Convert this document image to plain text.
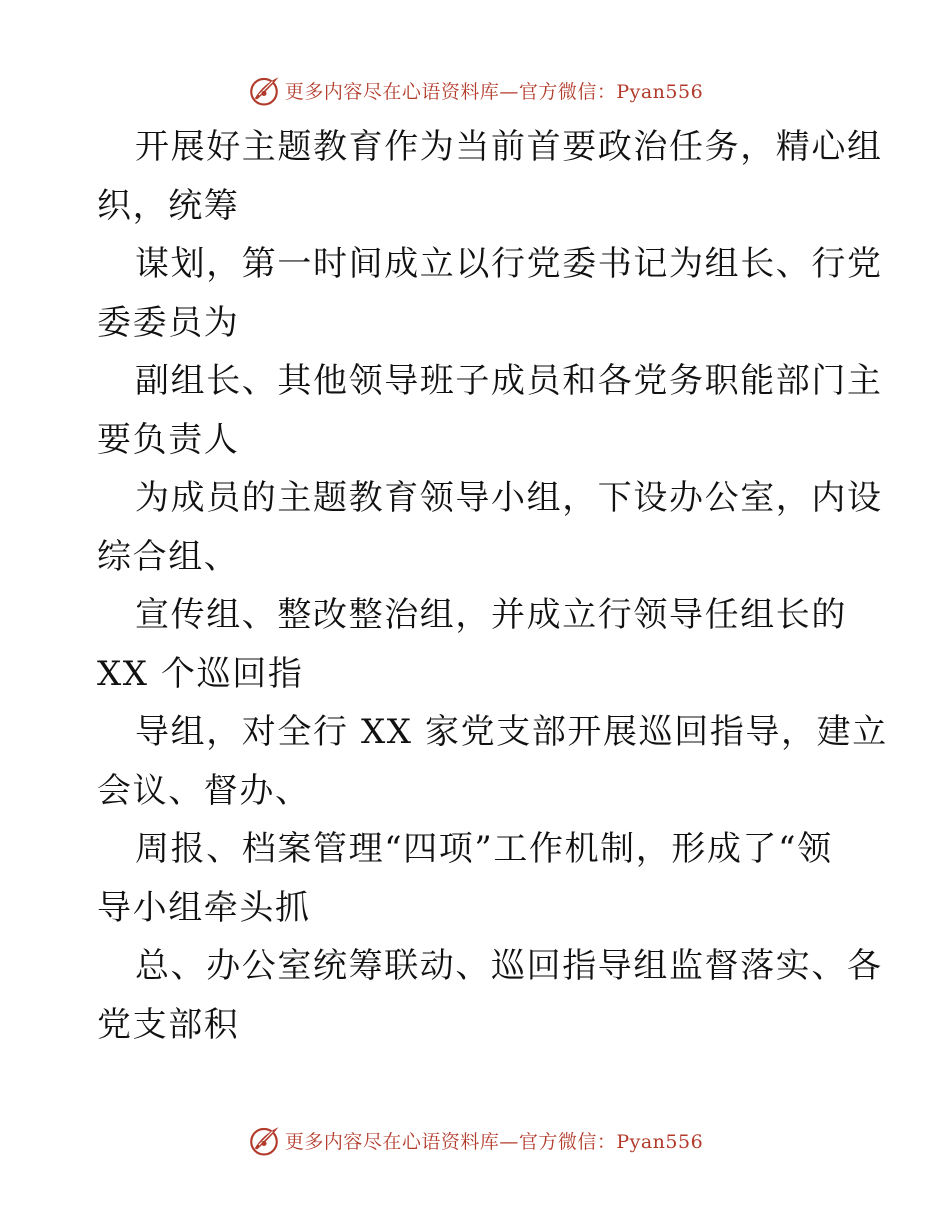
更多内容尽在心语资料库—官方微信：Pyan556
开展好主题教育作为当前首要政治任务，精心组
织，统筹
谋划，第一时间成立以行党委书记为组长、行党
委委员为
副组长、其他领导班子成员和各党务职能部门主
要负责人
为成员的主题教育领导小组，下设办公室，内设
综合组、
宣传组、整改整治组，并成立行领导任组长的
XX 个巡回指
导组，对全行 XX 家党支部开展巡回指导，建立
会议、督办、
周报、档案管理“四项”工作机制，形成了“领
导小组牵头抓
总、办公室统筹联动、巡回指导组监督落实、各
党支部积
更多内容尽在心语资料库—官方微信：Pyan556
